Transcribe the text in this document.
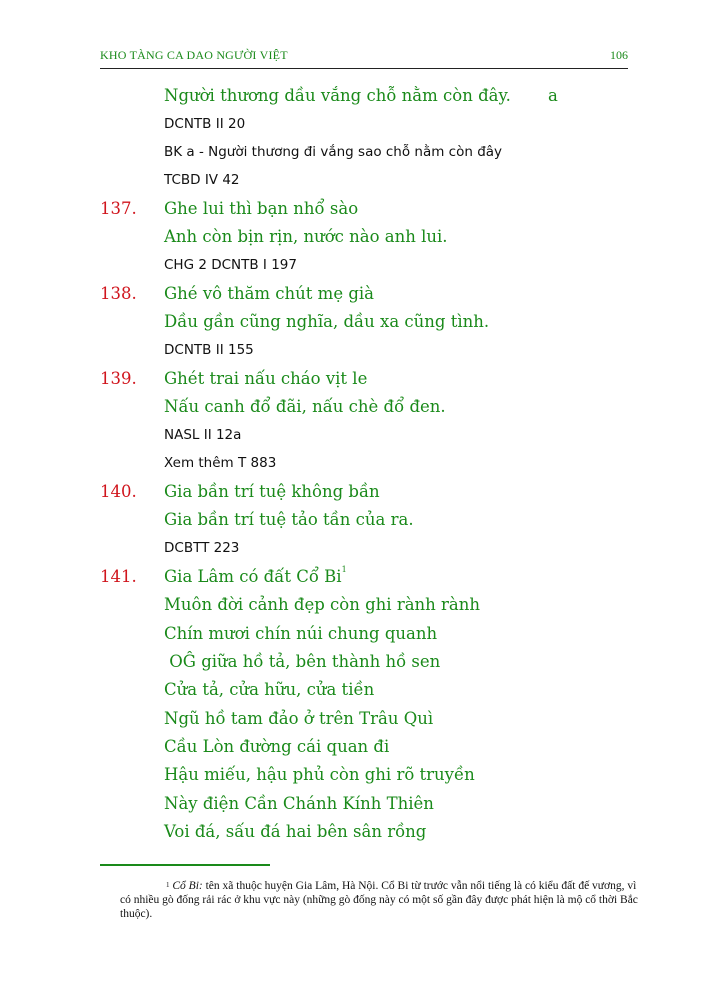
KHO TÀNG CA DAO NGƯỜI VIỆT	106
Người thương dầu vắng chỗ nằm còn đây. a
DCNTB II 20
BK a - Người thương đi vắng sao chỗ nằm còn đây
TCBD IV 42
137. Ghe lui thì bạn nhổ sào
Anh còn bịn rịn, nước nào anh lui.
CHG 2 DCNTB I 197
138. Ghé vô thăm chút mẹ già
Dầu gần cũng nghĩa, dầu xa cũng tình.
DCNTB II 155
139. Ghét trai nấu cháo vịt le
Nấu canh đổ đãi, nấu chè đổ đen.
NASL II 12a
Xem thêm T 883
140. Gia bần trí tuệ không bần
Gia bần trí tuệ tảo tần của ra.
DCBTT 223
141. Gia Lâm có đất Cổ Bi$^1$
Muôn đời cảnh đẹp còn ghi rành rành
Chín mươi chín núi chung quanh
OĜ giữa hồ tả, bên thành hồ sen
Cửa tả, cửa hữu, cửa tiền
Ngũ hồ tam đảo ở trên Trâu Quì
Cầu Lòn đường cái quan đi
Hậu miếu, hậu phủ còn ghi rõ truyền
Này điện Cần Chánh Kính Thiên
Voi đá, sấu đá hai bên sân rồng
$^1$ Cổ Bi: tên xã thuộc huyện Gia Lâm, Hà Nội. Cổ Bi từ trước vẫn nổi tiếng là có kiểu đất đế vương, vì có nhiều gò đống rải rác ở khu vực này (những gò đống này có một số gần đây được phát hiện là mộ cổ thời Bắc thuộc).
